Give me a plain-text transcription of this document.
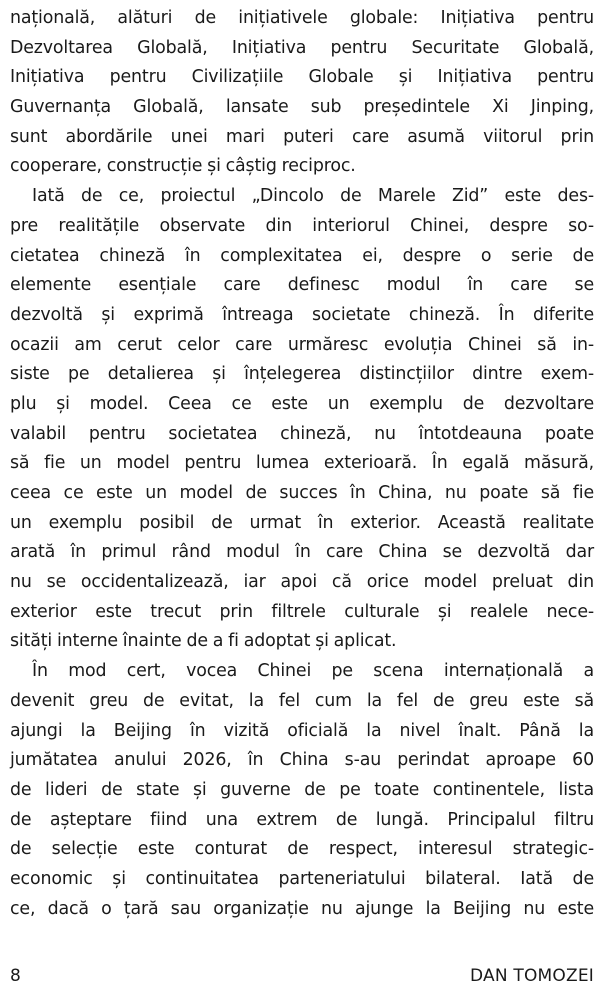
națională, alături de inițiativele globale: Inițiativa pentru
Dezvoltarea Globală, Inițiativa pentru Securitate Globală,
Inițiativa pentru Civilizațiile Globale și Inițiativa pentru
Guvernanța Globală, lansate sub președintele Xi Jinping,
sunt abordările unei mari puteri care asumă viitorul prin
cooperare, construcție și câștig reciproc.
Iată de ce, proiectul „Dincolo de Marele Zid” este des-
pre realitățile observate din interiorul Chinei, despre so-
cietatea chineză în complexitatea ei, despre o serie de
elemente esențiale care definesc modul în care se
dezvoltă și exprimă întreaga societate chineză. În diferite
ocazii am cerut celor care urmăresc evoluția Chinei să in-
siste pe detalierea și înțelegerea distincțiilor dintre exem-
plu și model. Ceea ce este un exemplu de dezvoltare
valabil pentru societatea chineză, nu întotdeauna poate
să fie un model pentru lumea exterioară. În egală măsură,
ceea ce este un model de succes în China, nu poate să fie
un exemplu posibil de urmat în exterior. Această realitate
arată în primul rând modul în care China se dezvoltă dar
nu se occidentalizează, iar apoi că orice model preluat din
exterior este trecut prin filtrele culturale și realele nece-
sități interne înainte de a fi adoptat și aplicat.
În mod cert, vocea Chinei pe scena internațională a
devenit greu de evitat, la fel cum la fel de greu este să
ajungi la Beijing în vizită oficială la nivel înalt. Până la
jumătatea anului 2026, în China s-au perindat aproape 60
de lideri de state și guverne de pe toate continentele, lista
de așteptare fiind una extrem de lungă. Principalul filtru
de selecție este conturat de respect, interesul strategic-
economic și continuitatea parteneriatului bilateral. Iată de
ce, dacă o țară sau organizație nu ajunge la Beijing nu este
8	DAN TOMOZEI
